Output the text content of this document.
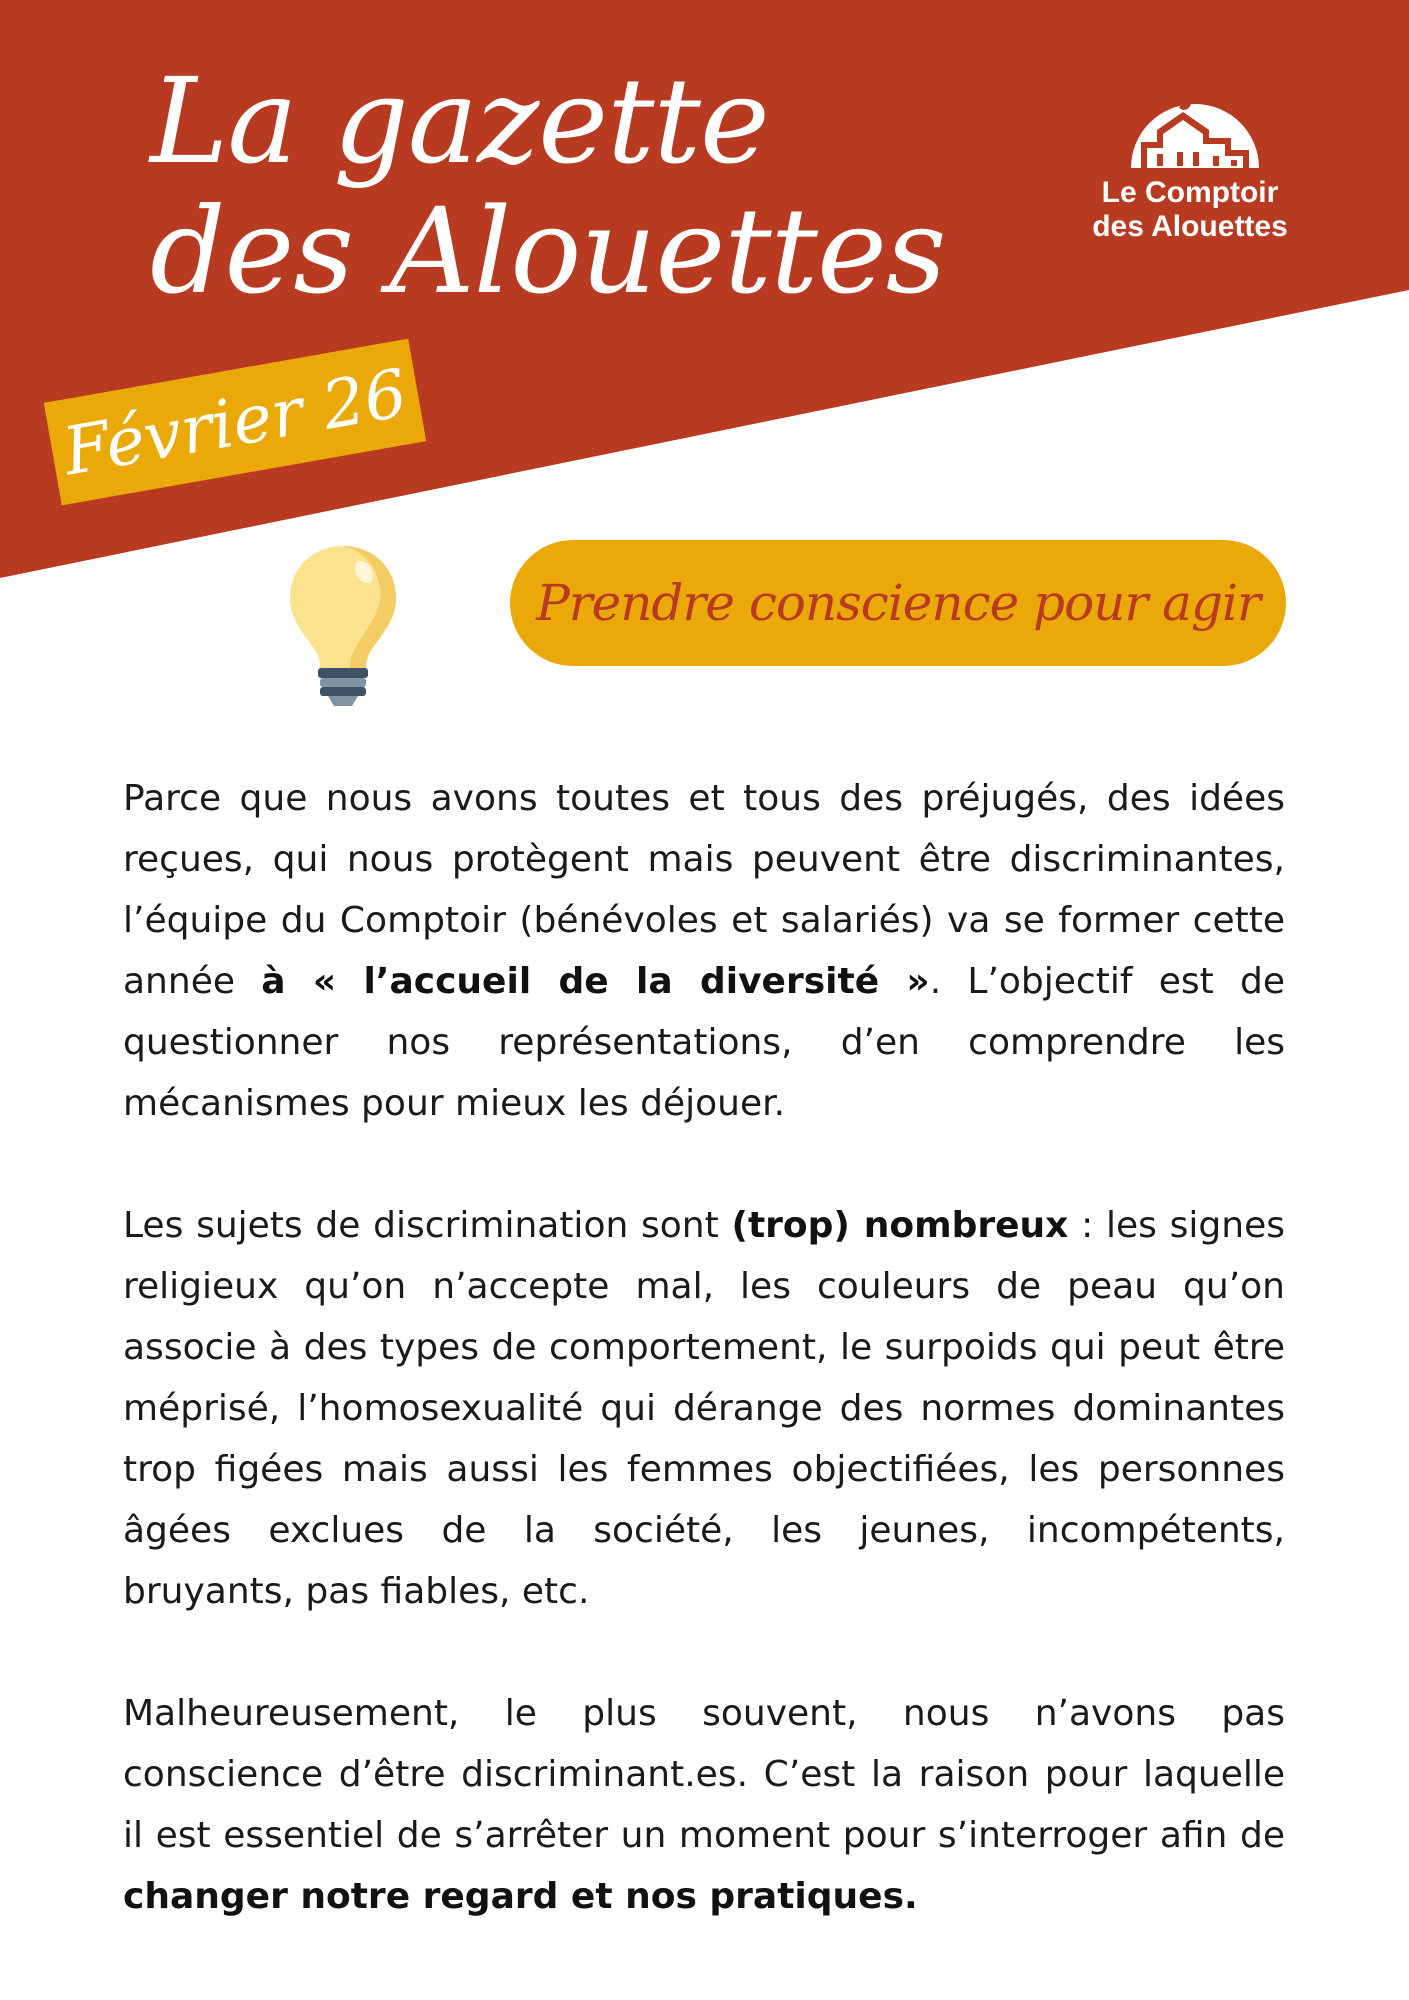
La gazette
des Alouettes
Février 26
Le Comptoir
des Alouettes
Prendre conscience pour agir

Parce que nous avons toutes et tous des préjugés, des idées reçues, qui nous protègent mais peuvent être discriminantes, l’équipe du Comptoir (bénévoles et salariés) va se former cette année à « l’accueil de la diversité ». L’objectif est de questionner nos représentations, d’en comprendre les mécanismes pour mieux les déjouer.

Les sujets de discrimination sont (trop) nombreux : les signes religieux qu’on n’accepte mal, les couleurs de peau qu’on associe à des types de comportement, le surpoids qui peut être méprisé, l’homosexualité qui dérange des normes dominantes trop figées mais aussi les femmes objectifiées, les personnes âgées exclues de la société, les jeunes, incompétents, bruyants, pas fiables, etc.

Malheureusement, le plus souvent, nous n’avons pas conscience d’être discriminant.es. C’est la raison pour laquelle il est essentiel de s’arrêter un moment pour s’interroger afin de changer notre regard et nos pratiques.
